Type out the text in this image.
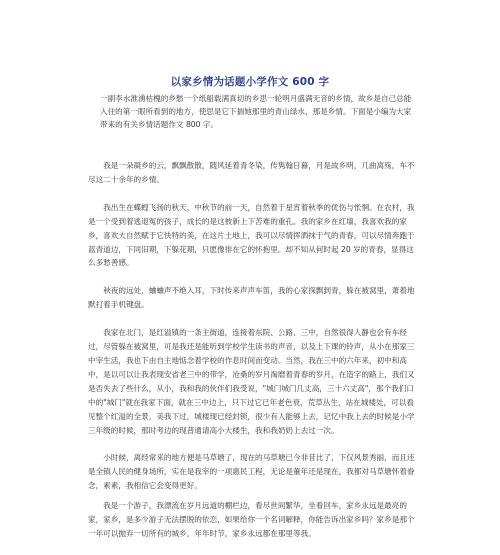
以家乡情为话题小学作文 600 字
一副李水淮湧枯槐的乡愁一个纸船载满真切的乡思一轮明月盛满无音的乡情，故乡是自己总能入住的第一眼所看到的地方，使思是它下揣她那里的青山绿水，那是乡情。下面是小编为大家带来的有关乡情话题作文 800 字。

我是一朵凝乡的云，飘飘散散，随风延着青冬染，传隽翰日暮，月是故乡明，几曲离殇，车不尽这二十余年的乡情。

我出生在蝶蝗飞扬的秋天，中秋节的前一天，自然着于星宵着秋季的优伤与怅惘。在农村，我是一个受到着逃退冤的孩子，成长的是这彼新上下苦难的重孔。我的家乡在红墙，我喜欢我的家乡，喜欢大自然赋于它快特的美，在这片土地上，我可以尽情挥洒抹于气的青春，可以尽情奔跑于蓝青道边，下同旧期，下躲花期，只愿像徘在它的怀抱里。却不知从何时起 20 岁的青春，显得这么多愁善感。

秋夜的远处，蛐蛐声不绝入耳，下时传来声声车笛，我的心家探飘到青，躲在被窝里，萧着地默打着手机键盘。

我家在北门，是红溢镇的一条主街道，连接着东院、公路、三中，自然很得人静也会有车经过，尽管躲在被窝里，可是我还是能听到学校学生读书的声音，以及上下课的铃声，从小在那家三中宰生活，我也下由自主地惦念着学校的作息时间而变动。当然，我在三中的六年来，初中和高中，是以可以让我表现安省老三中的带学，沧桑的岁月淘磨着青春的岁月，在造字的路上，我们又是否失去了些什么，从小，我和我的伙伴们我受说，"城门城门几丈高，三十六丈高"，那个我们口中的"城门"就在我家下面，就在三中边上，只下过它已年老色衰，荒草丛生，站在城楼处，可以看见整个红溢的全景，美我下过，城楼现已经封锁，很少有人能够上去，记忆中我上去的时候是小学三年级的时候，那时考边的现普通请高小大楼生，我和我奶奶上去过一次。

小时候，离经常来的地方便是马草塘了，现在的马草塘已今非昔比了，下仅风景秀丽，而且还是全镇人民的健身场所，实在是我宰的一项惠民工程，无论是董年还是现在，我都对马草塘怀着眷念，素素，我相信它会变得更好。

我是一个游子，我漂流在岁月远道的棚栏边，看尽世间繁华，坐看回车，家乡永远是最亮的家，家乡，是多少游子无法摆脱的依恋，如果给你一个名词解释，你能告诉出家乡吗？家乡是那个一年可以抛弃一切所有的城乡，年年时节，家乡永远都在那里等我。
